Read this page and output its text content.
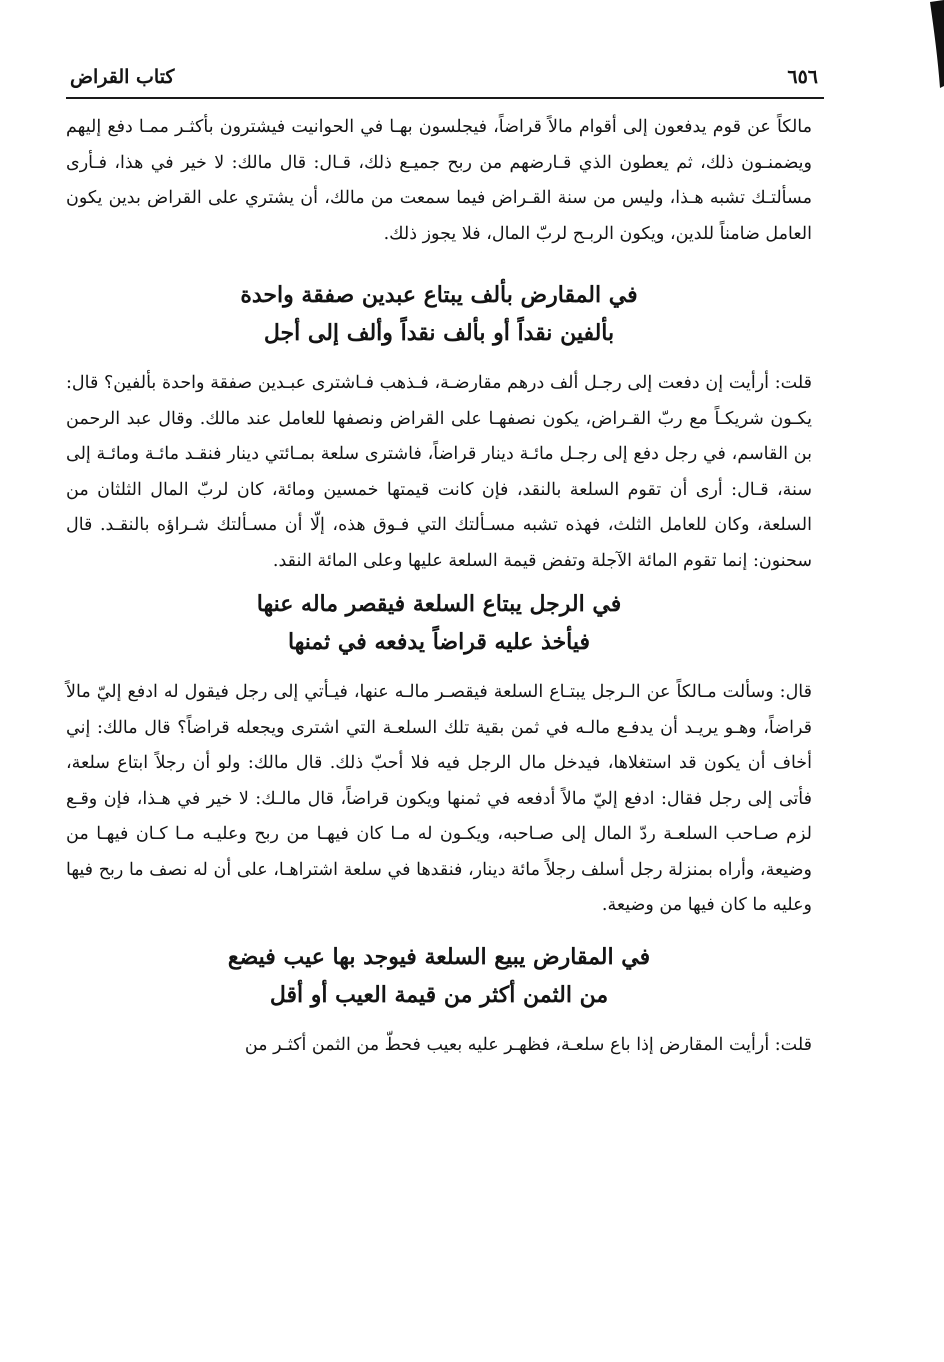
كتاب القراض	٦٥٦

مالكاً عن قوم يدفعون إلى أقوام مالاً قراضاً، فيجلسون بهـا في الحوانيت فيشترون بأكثـر ممـا دفع إليهم ويضمنـون ذلك، ثم يعطون الذي قـارضهم من ربح جميـع ذلك، قـال: قال مالك: لا خير في هذا، فـأرى مسألتـك تشبه هـذا، وليس من سنة القـراض فيما سمعت من مالك، أن يشتري على القراض بدين يكون العامل ضامناً للدين، ويكون الربـح لربّ المال، فلا يجوز ذلك.

في المقارض بألف يبتاع عبدين صفقة واحدة
بألفين نقداً أو بألف نقداً وألف إلى أجل

قلت: أرأيت إن دفعت إلى رجـل ألف درهم مقارضـة، فـذهب فـاشترى عبـدين صفقة واحدة بألفين؟ قال: يكـون شريكـاً مع ربّ القـراض، يكون نصفهـا على القراض ونصفها للعامل عند مالك. وقال عبد الرحمن بن القاسم، في رجل دفع إلى رجـل مائـة دينار قراضاً، فاشترى سلعة بمـائتي دينار فنقـد مائـة ومائـة إلى سنة، قـال: أرى أن تقوم السلعة بالنقد، فإن كانت قيمتها خمسين ومائة، كان لربّ المال الثلثان من السلعة، وكان للعامل الثلث، فهذه تشبه مسـألتك التي فـوق هذه، إلّا أن مسـألتك شـراؤه بالنقـد. قال سحنون: إنما تقوم المائة الآجلة وتفض قيمة السلعة عليها وعلى المائة النقد.

في الرجل يبتاع السلعة فيقصر ماله عنها
فيأخذ عليه قراضاً يدفعه في ثمنها

قال: وسألت مـالكاً عن الـرجل يبتـاع السلعة فيقصـر مالـه عنها، فيـأتي إلى رجل فيقول له ادفع إليّ مالاً قراضاً، وهـو يريـد أن يدفـع مالـه في ثمن بقية تلك السلعـة التي اشترى ويجعله قراضاً؟ قال مالك: إني أخاف أن يكون قد استغلاها، فيدخل مال الرجل فيه فلا أحبّ ذلك. قال مالك: ولو أن رجلاً ابتاع سلعة، فأتى إلى رجل فقال: ادفع إليّ مالاً أدفعه في ثمنها ويكون قراضاً، قال مالـك: لا خير في هـذا، فإن وقـع لزم صـاحب السلعـة ردّ المال إلى صـاحبه، ويكـون له مـا كان فيهـا من ربح وعليـه مـا كـان فيهـا من وضيعة، وأراه بمنزلة رجل أسلف رجلاً مائة دينار، فنقدها في سلعة اشتراهـا، على أن له نصف ما ربح فيها وعليه ما كان فيها من وضيعة.

في المقارض يبيع السلعة فيوجد بها عيب فيضع
من الثمن أكثر من قيمة العيب أو أقل

قلت: أرأيت المقارض إذا باع سلعـة، فظهـر عليه بعيب فحطّ من الثمن أكثـر من
